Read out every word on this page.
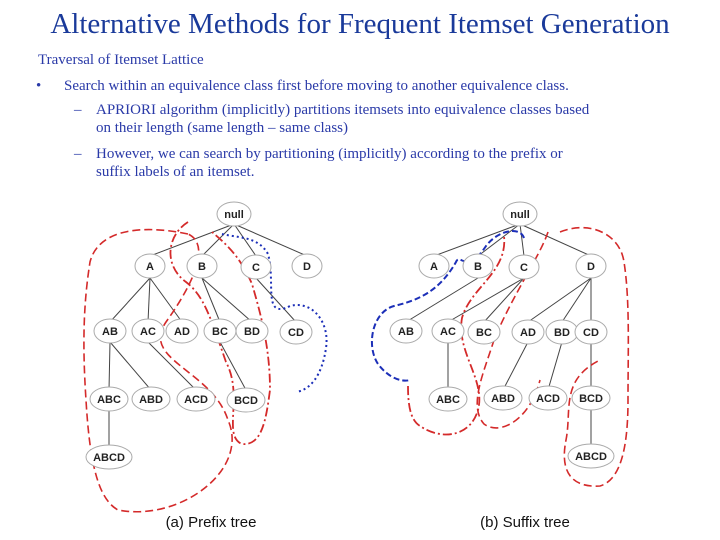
Alternative Methods for Frequent Itemset Generation
Traversal of Itemset Lattice
• Search within an equivalence class first before moving to another equivalence class.
– APRIORI algorithm (implicitly) partitions itemsets into equivalence classes based
on their length (same length – same class)
– However, we can search by partitioning (implicitly) according to the prefix or
suffix labels of an itemset.
null
A	B	C	D
AB AC AD BC BD	CD
ABC ABD ACD BCD
ABCD
(a) Prefix tree
null
A	B	C	D
AB AC BC	AD BD CD
ABC	ABD ACD BCD
ABCD
(b) Suffix tree
